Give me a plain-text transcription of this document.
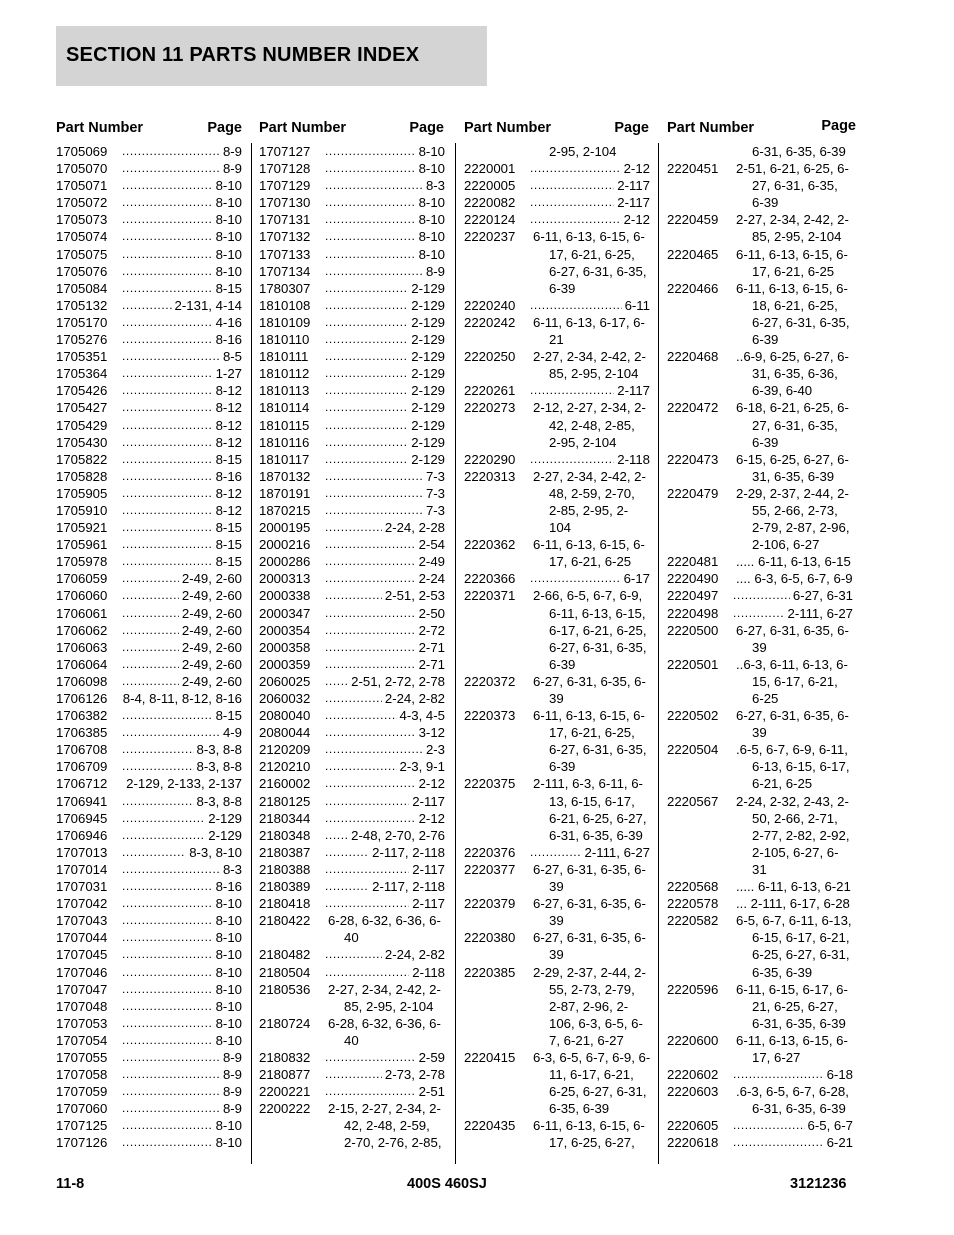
SECTION 11 PARTS NUMBER INDEX
Part Number	Page Part Number	Page Part Number	Page Part Number	Page
1705069 .....	8-9
1705070 .....	8-9
1705071 .....	8-10
1705072 .....	8-10
1705073 .....	8-10
1705074 .....	8-10
1705075 .....	8-10
1705076 .....	8-10
1705084 .....	8-15
1705132 .....	2-131, 4-14
1705170 .....	4-16
1705276 .....	8-16
1705351 .....	8-5
1705364 .....	1-27
1705426 .....	8-12
1705427 .....	8-12
1705429 .....	8-12
1705430 .....	8-12
1705822 .....	8-15
1705828 .....	8-16
1705905 .....	8-12
1705910 .....	8-12
1705921 .....	8-15
1705961 .....	8-15
1705978 .....	8-15
1706059 .....	2-49, 2-60
1706060 .....	2-49, 2-60
1706061 .....	2-49, 2-60
1706062 .....	2-49, 2-60
1706063 .....	2-49, 2-60
1706064 .....	2-49, 2-60
1706098 .....	2-49, 2-60
1706126 8-4, 8-11, 8-12, 8-16
1706382 .....	8-15
1706385 .....	4-9
1706708 .....	8-3, 8-8
1706709 .....	8-3, 8-8
1706712 ..... 2-129, 2-133, 2-137
1706941 .....	8-3, 8-8
1706945 .....	2-129
1706946 .....	2-129
1707013 .....	8-3, 8-10
1707014 .....	8-3
1707031 .....	8-16
1707042 .....	8-10
1707043 .....	8-10
1707044 .....	8-10
1707045 .....	8-10
1707046 .....	8-10
1707047 .....	8-10
1707048 .....	8-10
1707053 .....	8-10
1707054 .....	8-10
1707055 .....	8-9
1707058 .....	8-9
1707059 .....	8-9
1707060 .....	8-9
1707125 .....	8-10
1707126 .....	8-10
1707127 .....	8-10
1707128 .....	8-10
1707129 .....	8-3
1707130 .....	8-10
1707131 .....	8-10
1707132 .....	8-10
1707133 .....	8-10
1707134 .....	8-9
1780307 .....	2-129
1810108 .....	2-129
1810109 .....	2-129
1810110 .....	2-129
1810111 .....	2-129
1810112 .....	2-129
1810113 .....	2-129
1810114 .....	2-129
1810115 .....	2-129
1810116 .....	2-129
1810117 .....	2-129
1870132 .....	7-3
1870191 .....	7-3
1870215 .....	7-3
2000195 .....	2-24, 2-28
2000216 .....	2-54
2000286 .....	2-49
2000313 .....	2-24
2000338 .....	2-51, 2-53
2000347 .....	2-50
2000354 .....	2-72
2000358 .....	2-71
2000359 .....	2-71
2060025 .....	2-51, 2-72, 2-78
2060032 .....	2-24, 2-82
2080040 .....	4-3, 4-5
2080044 .....	3-12
2120209 .....	2-3
2120210 .....	2-3, 9-1
2160002 .....	2-12
2180125 .....	2-117
2180344 .....	2-12
2180348 .....	2-48, 2-70, 2-76
2180387 .....	2-117, 2-118
2180388 .....	2-117
2180389 .....	2-117, 2-118
2180418 .....	2-117
2180422 6-28, 6-32, 6-36, 6-
40
2180482 .....	2-24, 2-82
2180504 .....	2-118
2180536 2-27, 2-34, 2-42, 2-
85, 2-95, 2-104
2180724 6-28, 6-32, 6-36, 6-
40
2180832 .....	2-59
2180877 .....	2-73, 2-78
2200221 .....	2-51
2200222 2-15, 2-27, 2-34, 2-
42, 2-48, 2-59,
2-70, 2-76, 2-85,
2-95, 2-104
2220001 .....	2-12
2220005 .....	2-117
2220082 .....	2-117
2220124 .....	2-12
2220237 6-11, 6-13, 6-15, 6-
17, 6-21, 6-25,
6-27, 6-31, 6-35,
6-39
2220240 .....	6-11
2220242 6-11, 6-13, 6-17, 6-
21
2220250 2-27, 2-34, 2-42, 2-
85, 2-95, 2-104
2220261 .....	2-117
2220273 2-12, 2-27, 2-34, 2-
42, 2-48, 2-85,
2-95, 2-104
2220290 .....	2-118
2220313 2-27, 2-34, 2-42, 2-
48, 2-59, 2-70,
2-85, 2-95, 2-
104
2220362 6-11, 6-13, 6-15, 6-
17, 6-21, 6-25
2220366 .....	6-17
2220371 2-66, 6-5, 6-7, 6-9,
6-11, 6-13, 6-15,
6-17, 6-21, 6-25,
6-27, 6-31, 6-35,
6-39
2220372 6-27, 6-31, 6-35, 6-
39
2220373 6-11, 6-13, 6-15, 6-
17, 6-21, 6-25,
6-27, 6-31, 6-35,
6-39
2220375 2-111, 6-3, 6-11, 6-
13, 6-15, 6-17,
6-21, 6-25, 6-27,
6-31, 6-35, 6-39
2220376 .....	2-111, 6-27
2220377 6-27, 6-31, 6-35, 6-
39
2220379 6-27, 6-31, 6-35, 6-
39
2220380 6-27, 6-31, 6-35, 6-
39
2220385 2-29, 2-37, 2-44, 2-
55, 2-73, 2-79,
2-87, 2-96, 2-
106, 6-3, 6-5, 6-
7, 6-21, 6-27
2220415 6-3, 6-5, 6-7, 6-9, 6-
11, 6-17, 6-21,
6-25, 6-27, 6-31,
6-35, 6-39
2220435 6-11, 6-13, 6-15, 6-
17, 6-25, 6-27,
6-31, 6-35, 6-39
2220451 2-51, 6-21, 6-25, 6-
27, 6-31, 6-35,
6-39
2220459 2-27, 2-34, 2-42, 2-
85, 2-95, 2-104
2220465 6-11, 6-13, 6-15, 6-
17, 6-21, 6-25
2220466 6-11, 6-13, 6-15, 6-
18, 6-21, 6-25,
6-27, 6-31, 6-35,
6-39
2220468 ..6-9, 6-25, 6-27, 6-
31, 6-35, 6-36,
6-39, 6-40
2220472 6-18, 6-21, 6-25, 6-
27, 6-31, 6-35,
6-39
2220473 6-15, 6-25, 6-27, 6-
31, 6-35, 6-39
2220479 2-29, 2-37, 2-44, 2-
55, 2-66, 2-73,
2-79, 2-87, 2-96,
2-106, 6-27
2220481 ..... 6-11, 6-13, 6-15
2220490 .... 6-3, 6-5, 6-7, 6-9
2220497 .....	6-27, 6-31
2220498 .....	2-111, 6-27
2220500 6-27, 6-31, 6-35, 6-
39
2220501 ..6-3, 6-11, 6-13, 6-
15, 6-17, 6-21,
6-25
2220502 6-27, 6-31, 6-35, 6-
39
2220504 .6-5, 6-7, 6-9, 6-11,
6-13, 6-15, 6-17,
6-21, 6-25
2220567 2-24, 2-32, 2-43, 2-
50, 2-66, 2-71,
2-77, 2-82, 2-92,
2-105, 6-27, 6-
31
2220568 ..... 6-11, 6-13, 6-21
2220578 ... 2-111, 6-17, 6-28
2220582 6-5, 6-7, 6-11, 6-13,
6-15, 6-17, 6-21,
6-25, 6-27, 6-31,
6-35, 6-39
2220596 6-11, 6-15, 6-17, 6-
21, 6-25, 6-27,
6-31, 6-35, 6-39
2220600 6-11, 6-13, 6-15, 6-
17, 6-27
2220602 .....	6-18
2220603 .6-3, 6-5, 6-7, 6-28,
6-31, 6-35, 6-39
2220605 .....	6-5, 6-7
2220618 .....	6-21
11-8	400S 460SJ	3121236
